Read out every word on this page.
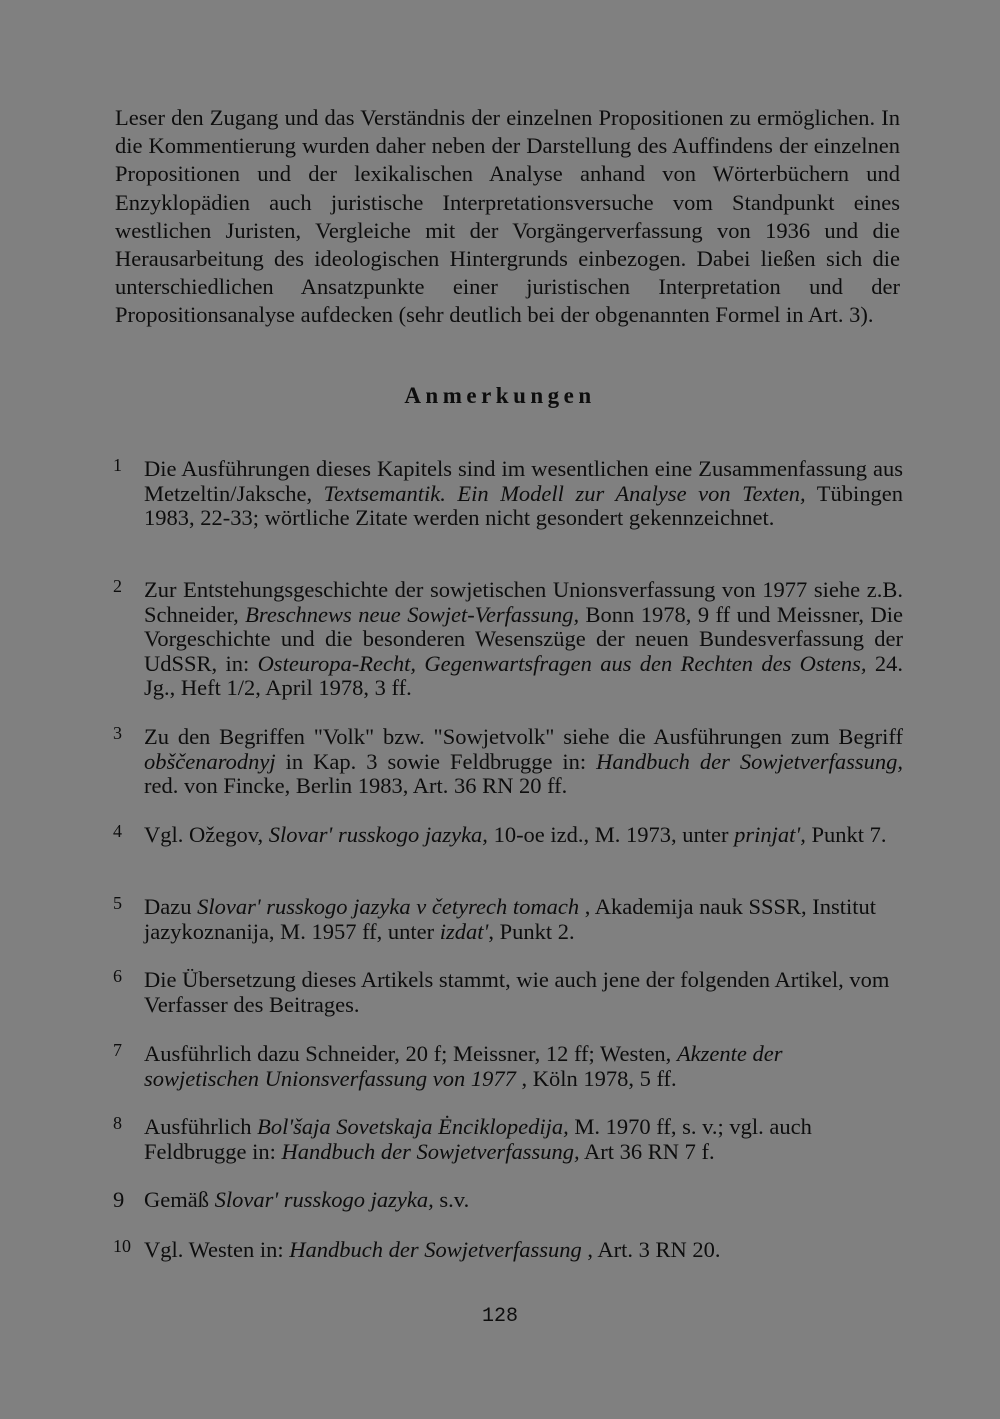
Leser den Zugang und das Verständnis der einzelnen Propositionen zu ermöglichen. In die Kommentierung wurden daher neben der Darstellung des Auffindens der einzelnen Propositionen und der lexikalischen Analyse anhand von Wörterbüchern und Enzyklopädien auch juristische Interpretationsversuche vom Standpunkt eines westlichen Juristen, Vergleiche mit der Vorgängerverfassung von 1936 und die Herausarbeitung des ideologischen Hintergrunds einbezogen. Dabei ließen sich die unterschiedlichen Ansatzpunkte einer juristischen Interpretation und der Propositionsanalyse aufdecken (sehr deutlich bei der obgenannten Formel in Art. 3).

Anmerkungen
1 Die Ausführungen dieses Kapitels sind im wesentlichen eine Zusammenfassung aus Metzeltin/Jaksche, Textsemantik. Ein Modell zur Analyse von Texten, Tübingen 1983, 22-33; wörtliche Zitate werden nicht gesondert gekennzeichnet.
2 Zur Entstehungsgeschichte der sowjetischen Unionsverfassung von 1977 siehe z.B. Schneider, Breschnews neue Sowjet-Verfassung, Bonn 1978, 9 ff und Meissner, Die Vorgeschichte und die besonderen Wesenszüge der neuen Bundesverfassung der UdSSR, in: Osteuropa-Recht, Gegenwartsfragen aus den Rechten des Ostens, 24. Jg., Heft 1/2, April 1978, 3 ff.
3 Zu den Begriffen "Volk" bzw. "Sowjetvolk" siehe die Ausführungen zum Begriff obščenarodnyj in Kap. 3 sowie Feldbrugge in: Handbuch der Sowjetverfassung, red. von Fincke, Berlin 1983, Art. 36 RN 20 ff.
4 Vgl. Ožegov, Slovar' russkogo jazyka, 10-oe izd., M. 1973, unter prinjat', Punkt 7.
5 Dazu Slovar' russkogo jazyka v četyrech tomach , Akademija nauk SSSR, Institut jazykoznanija, M. 1957 ff, unter izdat', Punkt 2.
6 Die Übersetzung dieses Artikels stammt, wie auch jene der folgenden Artikel, vom Verfasser des Beitrages.
7 Ausführlich dazu Schneider, 20 f; Meissner, 12 ff; Westen, Akzente der sowjetischen Unionsverfassung von 1977 , Köln 1978, 5 ff.
8 Ausführlich Bol'šaja Sovetskaja Ėnciklopedija, M. 1970 ff, s. v.; vgl. auch Feldbrugge in: Handbuch der Sowjetverfassung, Art 36 RN 7 f.
9 Gemäß Slovar' russkogo jazyka, s.v.
10 Vgl. Westen in: Handbuch der Sowjetverfassung , Art. 3 RN 20.
128
